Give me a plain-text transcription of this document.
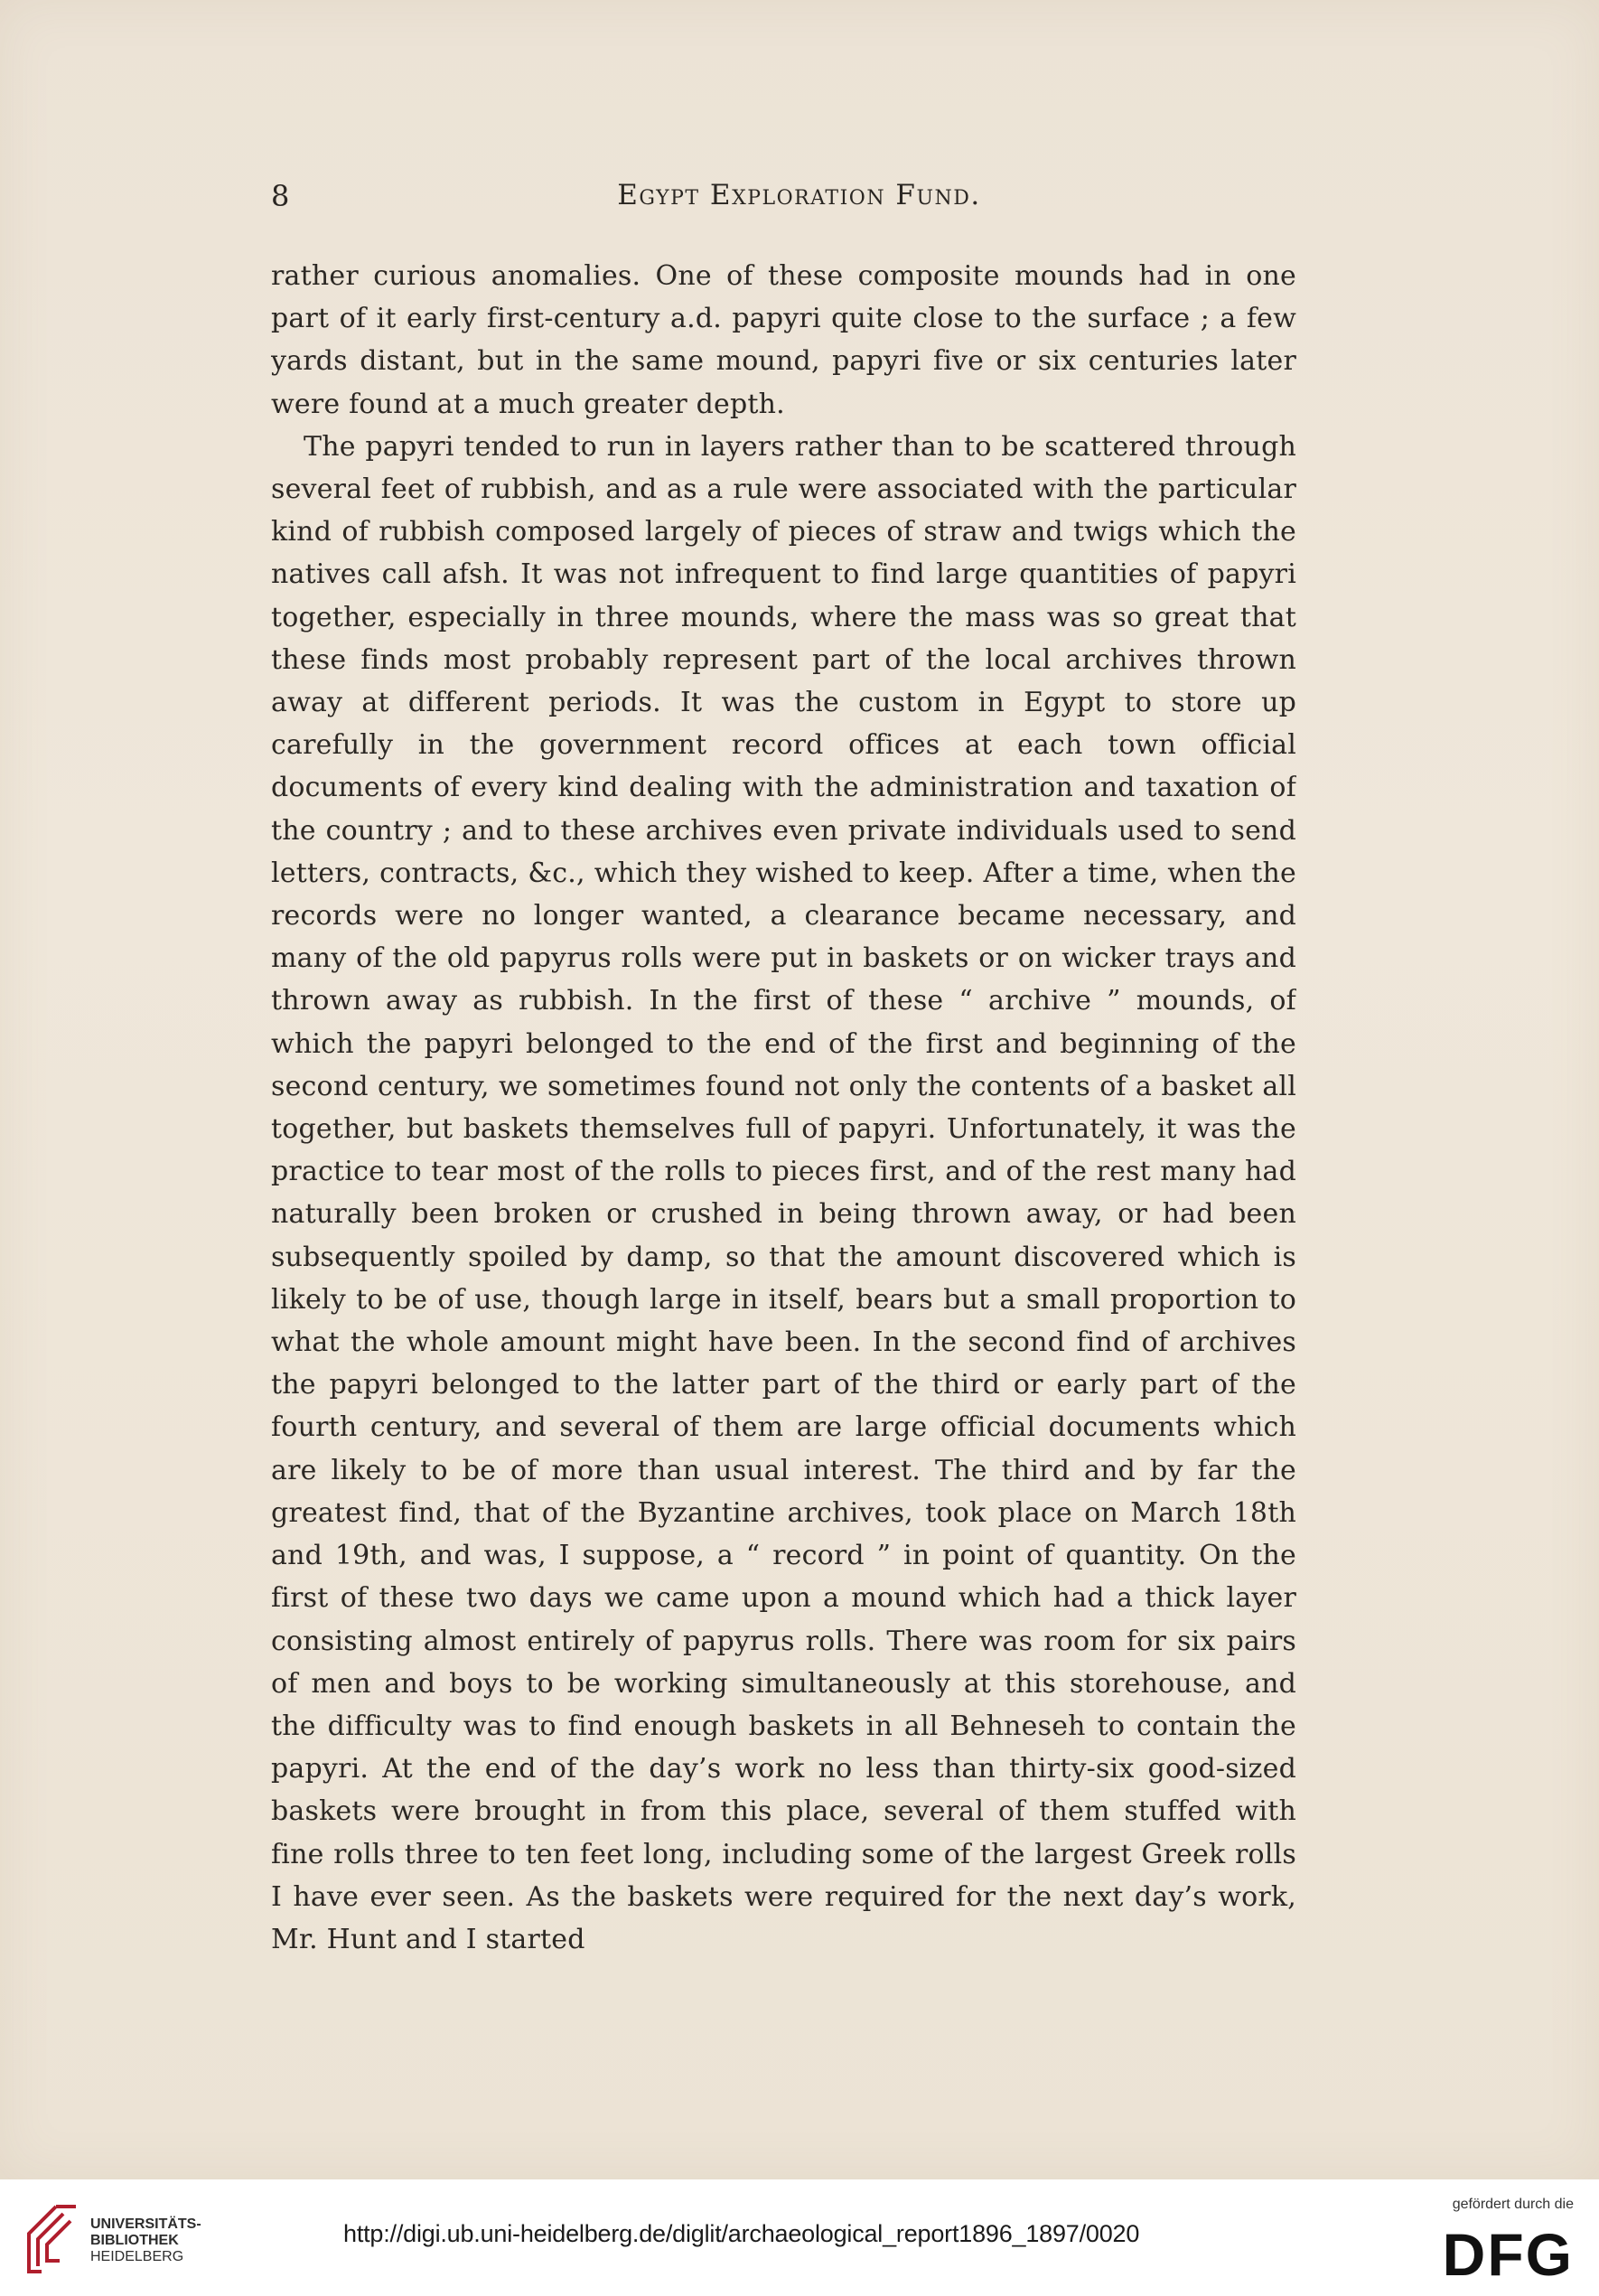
8	Egypt Exploration Fund.

rather curious anomalies. One of these composite mounds had in one part of it early first-century a.d. papyri quite close to the surface ; a few yards distant, but in the same mound, papyri five or six centuries later were found at a much greater depth.

The papyri tended to run in layers rather than to be scattered through several feet of rubbish, and as a rule were associated with the particular kind of rubbish composed largely of pieces of straw and twigs which the natives call afsh. It was not infrequent to find large quantities of papyri together, especially in three mounds, where the mass was so great that these finds most probably represent part of the local archives thrown away at different periods. It was the custom in Egypt to store up carefully in the government record offices at each town official documents of every kind dealing with the administration and taxation of the country ; and to these archives even private individuals used to send letters, contracts, &c., which they wished to keep. After a time, when the records were no longer wanted, a clearance became necessary, and many of the old papyrus rolls were put in baskets or on wicker trays and thrown away as rubbish. In the first of these “ archive ” mounds, of which the papyri belonged to the end of the first and beginning of the second century, we sometimes found not only the contents of a basket all together, but baskets themselves full of papyri. Unfortunately, it was the practice to tear most of the rolls to pieces first, and of the rest many had naturally been broken or crushed in being thrown away, or had been subsequently spoiled by damp, so that the amount discovered which is likely to be of use, though large in itself, bears but a small proportion to what the whole amount might have been. In the second find of archives the papyri belonged to the latter part of the third or early part of the fourth century, and several of them are large official documents which are likely to be of more than usual interest. The third and by far the greatest find, that of the Byzantine archives, took place on March 18th and 19th, and was, I suppose, a “ record ” in point of quantity. On the first of these two days we came upon a mound which had a thick layer consisting almost entirely of papyrus rolls. There was room for six pairs of men and boys to be working simultaneously at this storehouse, and the difficulty was to find enough baskets in all Behneseh to contain the papyri. At the end of the day’s work no less than thirty-six good-sized baskets were brought in from this place, several of them stuffed with fine rolls three to ten feet long, including some of the largest Greek rolls I have ever seen. As the baskets were required for the next day’s work, Mr. Hunt and I started

UNIVERSITÄTS-
BIBLIOTHEK
HEIDELBERG
http://digi.ub.uni-heidelberg.de/diglit/archaeological_report1896_1897/0020
gefördert durch die
DFG
